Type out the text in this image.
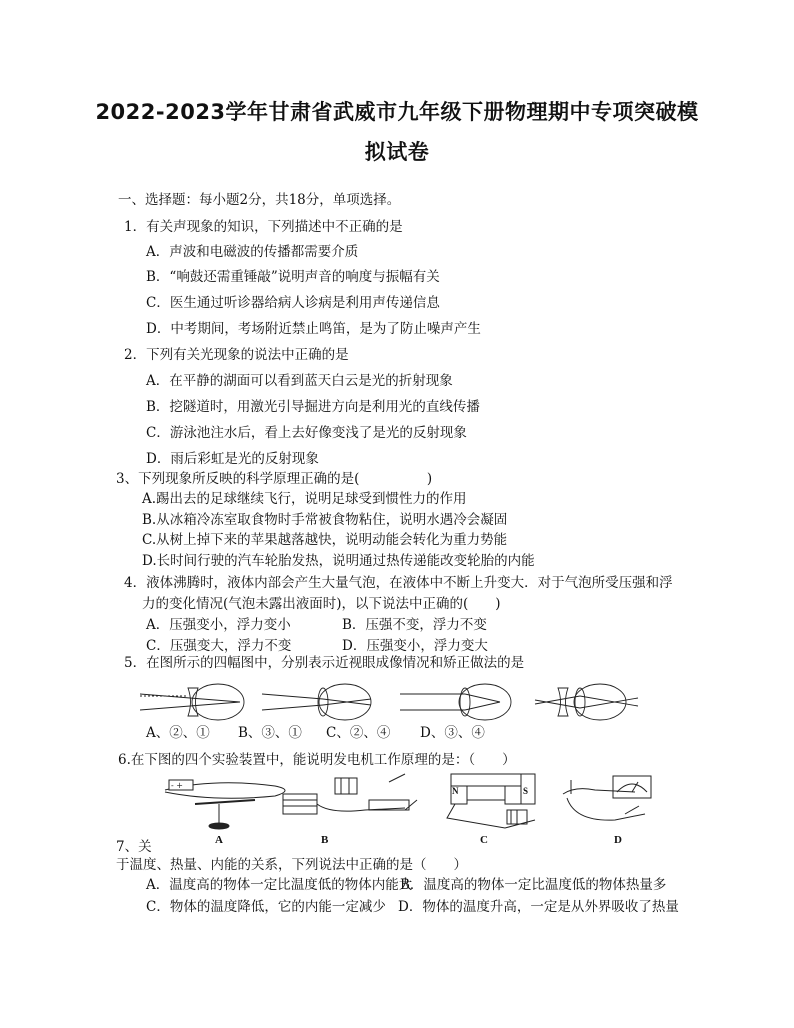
2022-2023学年甘肃省武威市九年级下册物理期中专项突破模
拟试卷
一、选择题：每小题2分，共18分，单项选择。
1．有关声现象的知识，下列描述中不正确的是
A．声波和电磁波的传播都需要介质
B．“响鼓还需重锤敲”说明声音的响度与振幅有关
C．医生通过听诊器给病人诊病是利用声传递信息
D．中考期间，考场附近禁止鸣笛，是为了防止噪声产生
2．下列有关光现象的说法中正确的是
A．在平静的湖面可以看到蓝天白云是光的折射现象
B．挖隧道时，用激光引导掘进方向是利用光的直线传播
C．游泳池注水后，看上去好像变浅了是光的反射现象
D．雨后彩虹是光的反射现象
3、下列现象所反映的科学原理正确的是(　　　　　)
A.踢出去的足球继续飞行，说明足球受到惯性力的作用
B.从冰箱冷冻室取食物时手常被食物粘住，说明水遇冷会凝固
C.从树上掉下来的苹果越落越快，说明动能会转化为重力势能
D.长时间行驶的汽车轮胎发热，说明通过热传递能改变轮胎的内能
4．液体沸腾时，液体内部会产生大量气泡，在液体中不断上升变大．对于气泡所受压强和浮
力的变化情况(气泡未露出液面时)，以下说法中正确的(　　)
A．压强变小，浮力变小	B．压强不变，浮力不变
C．压强变大，浮力不变	D．压强变小，浮力变大
5．在图所示的四幅图中，分别表示近视眼成像情况和矫正做法的是
A、②、① B、③、① C、②、④ D、③、④
6.在下图的四个实验装置中，能说明发电机工作原理的是：（　　）
- +
A	B	C	D
N	S
7、关
于温度、热量、内能的关系，下列说法中正确的是（　　）
A．温度高的物体一定比温度低的物体内能大
B．温度高的物体一定比温度低的物体热量多
C．物体的温度降低，它的内能一定减少 D．物体的温度升高，一定是从外界吸收了热量
